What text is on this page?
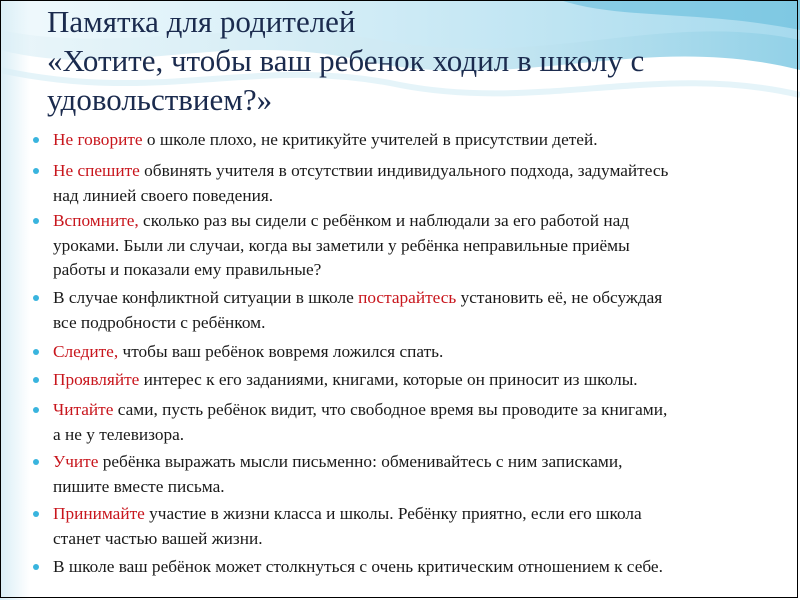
Памятка для родителей
«Хотите, чтобы ваш ребенок ходил в школу с
удовольствием?»

Не говорите о школе плохо, не критикуйте учителей в присутствии детей.

Не спешите обвинять учителя в отсутствии индивидуального подхода, задумайтесь
над линией своего поведения.

Вспомните, сколько раз вы сидели с ребёнком и наблюдали за его работой над
уроками. Были ли случаи, когда вы заметили у ребёнка неправильные приёмы
работы и показали ему правильные?

В случае конфликтной ситуации в школе постарайтесь установить её, не обсуждая
все подробности с ребёнком.

Следите, чтобы ваш ребёнок вовремя ложился спать.

Проявляйте интерес к его заданиями, книгами, которые он приносит из школы.

Читайте сами, пусть ребёнок видит, что свободное время вы проводите за книгами,
а не у телевизора.

Учите ребёнка выражать мысли письменно: обменивайтесь с ним записками,
пишите вместе письма.

Принимайте участие в жизни класса и школы. Ребёнку приятно, если его школа
станет частью вашей жизни.

В школе ваш ребёнок может столкнуться с очень критическим отношением к себе.
